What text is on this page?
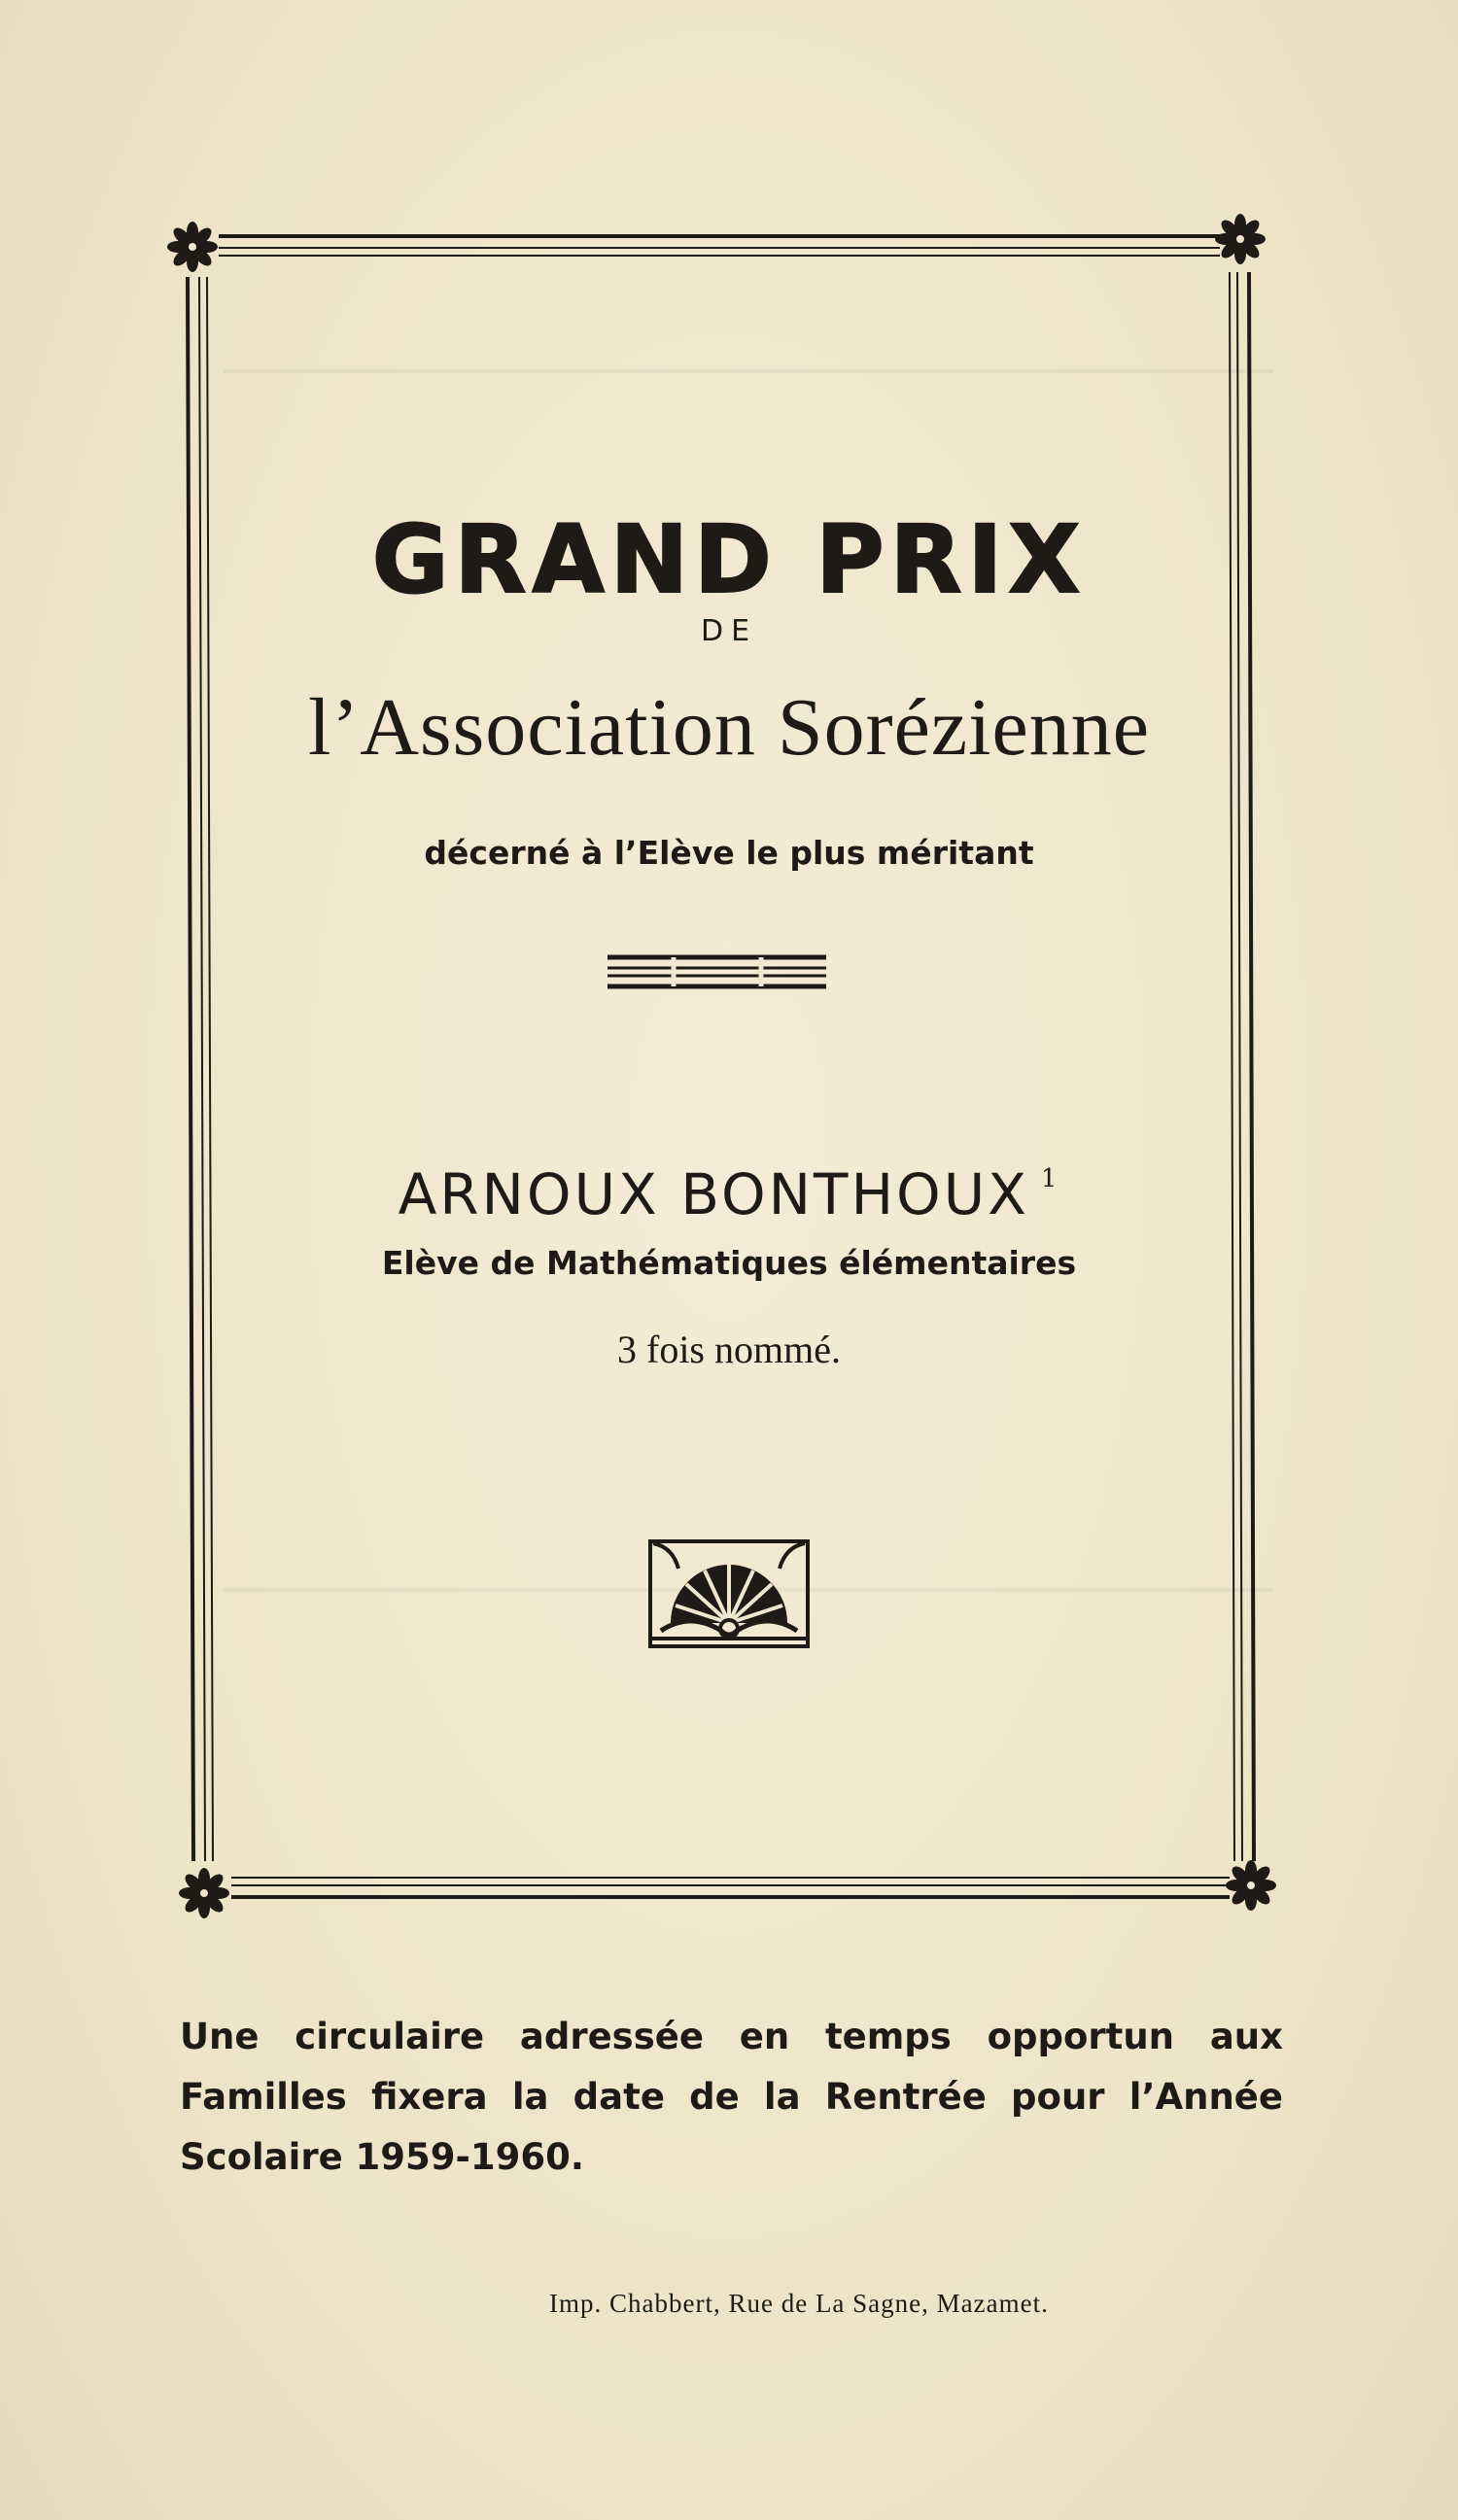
GRAND PRIX
DE
l’Association Sorézienne
décerné à l’Elève le plus méritant
ARNOUX BONTHOUX $^1$
Elève de Mathématiques élémentaires
3 fois nommé.
Une circulaire adressée en temps opportun aux Familles fixera la date de la Rentrée pour l’Année Scolaire 1959-1960.
Imp. Chabbert, Rue de La Sagne, Mazamet.
